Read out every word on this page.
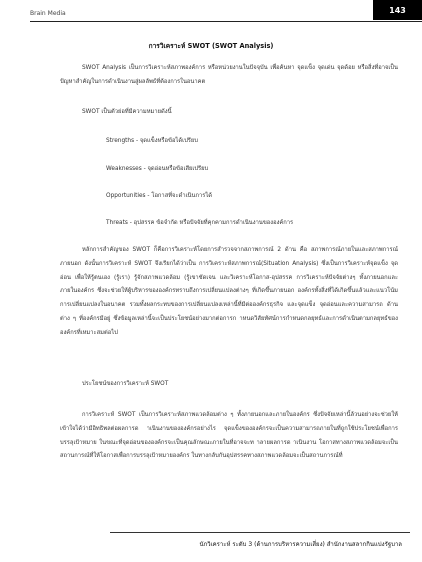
Brain Media	143
การวิเคราะห์ SWOT (SWOT Analysis)
SWOT Analysis เป็นการวิเคราะห์สภาพองค์การ หรือหน่วยงานในปัจจุบัน เพื่อค้นหา จุดแข็ง จุดเด่น จุดด้อย หรือสิ่งที่อาจเป็นปัญหาสำคัญในการดำเนินงานสู่ผลลัพธ์ที่ต้องการในอนาคต
SWOT เป็นตัวย่อที่มีความหมายดังนี้
Strengths - จุดแข็งหรือข้อได้เปรียบ
Weaknesses - จุดอ่อนหรือข้อเสียเปรียบ
Opportunities - โอกาสที่จะดำเนินการได้
Threats - อุปสรรค ข้อจำกัด หรือปัจจัยที่คุกคามการดำเนินงานขององค์การ
หลักการสำคัญของ SWOT ก็คือการวิเคราะห์โดยการสำรวจจากสภาพการณ์ 2 ด้าน คือ สภาพการณ์ภายในและสภาพการณ์ภายนอก ดังนั้นการวิเคราะห์ SWOT จึงเรียกได้ว่าเป็น การวิเคราะห์สภาพการณ์(Situation Analysis) ซึ่งเป็นการวิเคราะห์จุดแข็ง จุดอ่อน เพื่อให้รู้ตนเอง (รู้เรา) รู้จักสภาพแวดล้อม (รู้เขาชัดเจน และวิเคราะห์โอกาส-อุปสรรค การวิเคราะห์ปัจจัยต่างๆ ทั้งภายนอกและภายในองค์กร ซึ่งจะช่วยให้ผู้บริหารขององค์กรทราบถึงการเปลี่ยนแปลงต่างๆ ที่เกิดขึ้นภายนอก องค์กรทั้งสิ่งที่ได้เกิดขึ้นแล้วและแนวโน้มการเปลี่ยนแปลงในอนาคต รวมทั้งผลกระทบของการเปลี่ยนแปลงเหล่านี้ที่มีต่อองค์กรธุรกิจ และจุดแข็ง จุดอ่อนและความสามารถ ด้านต่าง ๆ ที่องค์กรมีอยู่ ซึ่งข้อมูลเหล่านี้จะเป็นประโยชน์อย่างมากต่อการก าหนดวิสัยทัศน์การกำหนดกลยุทธ์และการดำเนินตามกลยุทธ์ขององค์กรที่เหมาะสมต่อไป
ประโยชน์ของการวิเคราะห์ SWOT
การวิเคราะห์ SWOT เป็นการวิเคราะห์สภาพแวดล้อมต่าง ๆ ทั้งภายนอกและภายในองค์กร ซึ่งปัจจัยเหล่านี้ล้วนอย่างจะช่วยให้เข้าใจได้ว่ามีอิทธิพลต่อผลการด าเนินงานขององค์กรอย่างไร จุดแข็งขององค์กรจะเป็นความสามารถภายในที่ถูกใช้ประโยชน์เพื่อการบรรลุเป้าหมาย ในขณะที่จุดอ่อนขององค์กรจะเป็นคุณลักษณะภายในที่อาจจะท าลายผลการด าเนินงาน โอกาสทางสภาพแวดล้อมจะเป็นสถานการณ์ที่ให้โอกาสเพื่อการบรรลุเป้าหมายองค์กร ในทางกลับกันอุปสรรคทางสภาพแวดล้อมจะเป็นสถานการณ์ที่
นักวิเคราะห์ ระดับ 3 (ด้านการบริหารความเสี่ยง) สำนักงานสลากกินแบ่งรัฐบาล
